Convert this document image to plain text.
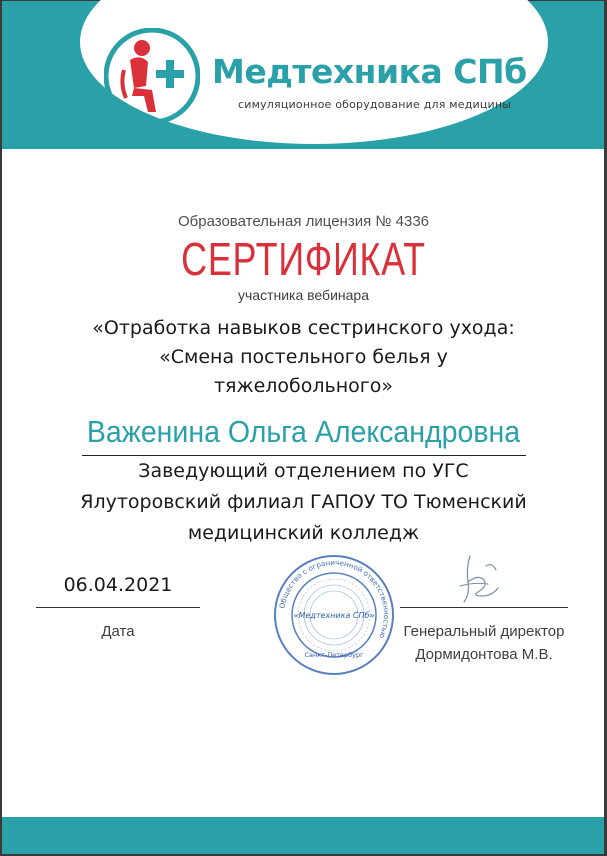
Медтехника СПб
симуляционное оборудование для медицины
Образовательная лицензия № 4336
СЕРТИФИКАТ
участника вебинара
«Отработка навыков сестринского ухода:
«Смена постельного белья у
тяжелобольного»
Важенина Ольга Александровна
Заведующий отделением по УГС
Ялуторовский филиал ГАПОУ ТО Тюменский
медицинский колледж
06.04.2021
Дата
Общество с ограниченной ответственностью
«Медтехника СПб»
Санкт-Петербург
Генеральный директор
Дормидонтова М.В.
